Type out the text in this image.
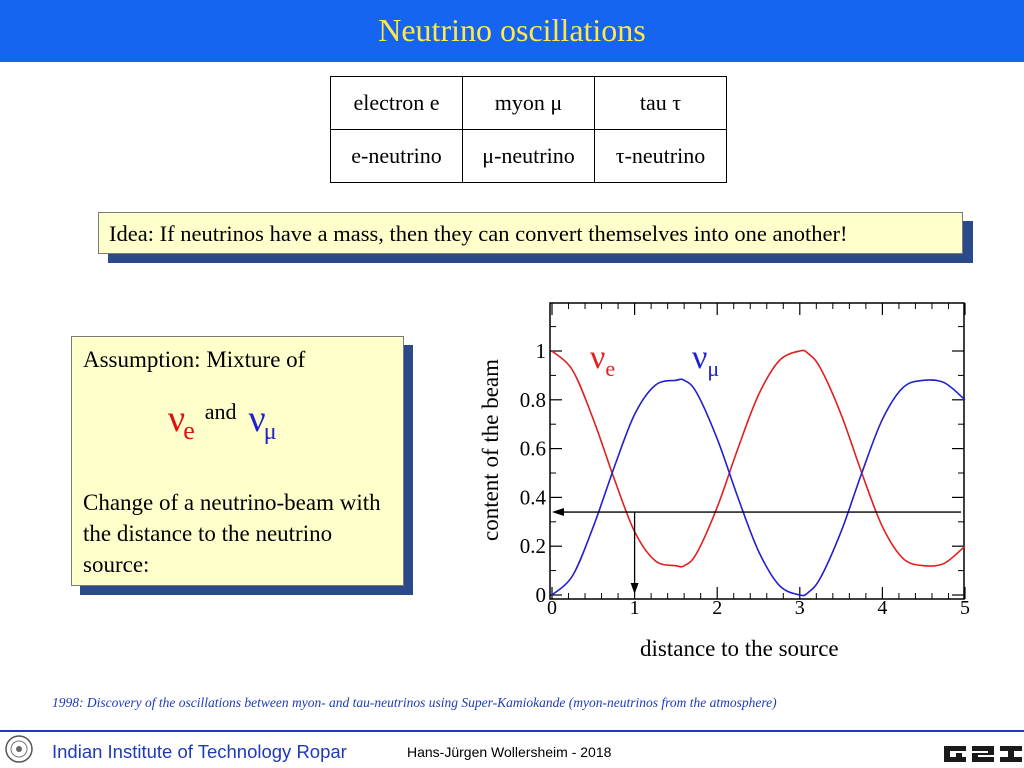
Neutrino oscillations
electron e	myon μ	tau τ
e-neutrino	μ-neutrino	τ-neutrino
Idea: If neutrinos have a mass, then they can convert themselves into one another!
Assumption: Mixture of
νe and νμ
Change of a neutrino-beam with the distance to the neutrino source:
0
0.2
0.4
0.6
0.8
1
0	1	2	3	4	5
content of the beam
$\nu_e$ $\nu_\mu$
distance to the source
1998: Discovery of the oscillations between myon- and tau-neutrinos using Super-Kamiokande (myon-neutrinos from the atmosphere)
Indian Institute of Technology Ropar	Hans-Jürgen Wollersheim - 2018
